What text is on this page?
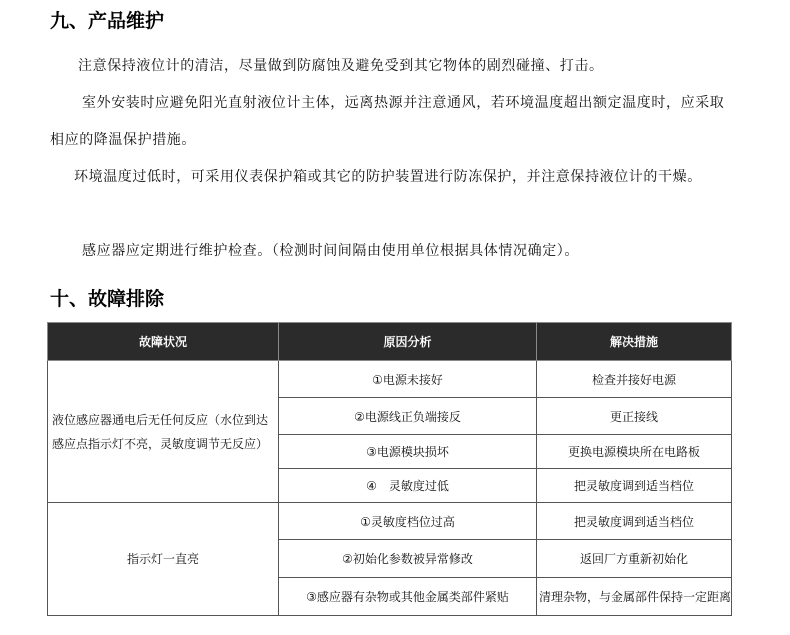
九、产品维护

注意保持液位计的清洁，尽量做到防腐蚀及避免受到其它物体的剧烈碰撞、打击。

室外安装时应避免阳光直射液位计主体，远离热源并注意通风，若环境温度超出额定温度时，应采取相应的降温保护措施。

环境温度过低时，可采用仪表保护箱或其它的防护装置进行防冻保护，并注意保持液位计的干燥。

感应器应定期进行维护检查。（检测时间间隔由使用单位根据具体情况确定）。

十、故障排除
故障状况	原因分析	解决措施
液位感应器通电后无任何反应（水位到达感应点指示灯不亮，灵敏度调节无反应）	①电源未接好	检查并接好电源
	②电源线正负端接反	更正接线
	③电源模块损坏	更换电源模块所在电路板
	④　灵敏度过低	把灵敏度调到适当档位
指示灯一直亮	①灵敏度档位过高	把灵敏度调到适当档位
	②初始化参数被异常修改	返回厂方重新初始化
	③感应器有杂物或其他金属类部件紧贴	清理杂物，与金属部件保持一定距离
